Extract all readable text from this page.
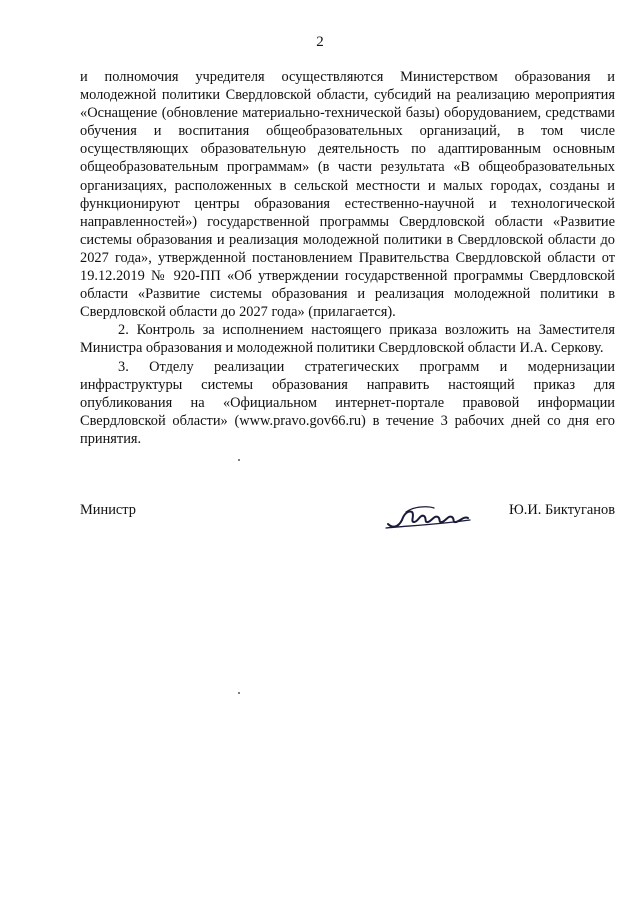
2

и полномочия учредителя осуществляются Министерством образования и молодежной политики Свердловской области, субсидий на реализацию мероприятия «Оснащение (обновление материально-технической базы) оборудованием, средствами обучения и воспитания общеобразовательных организаций, в том числе осуществляющих образовательную деятельность по адаптированным основным общеобразовательным программам» (в части результата «В общеобразовательных организациях, расположенных в сельской местности и малых городах, созданы и функционируют центры образования естественно-научной и технологической направленностей») государственной программы Свердловской области «Развитие системы образования и реализация молодежной политики в Свердловской области до 2027 года», утвержденной постановлением Правительства Свердловской области от 19.12.2019 № 920-ПП «Об утверждении государственной программы Свердловской области «Развитие системы образования и реализация молодежной политики в Свердловской области до 2027 года» (прилагается).

2. Контроль за исполнением настоящего приказа возложить на Заместителя Министра образования и молодежной политики Свердловской области И.А. Серкову.

3. Отделу реализации стратегических программ и модернизации инфраструктуры системы образования направить настоящий приказ для опубликования на «Официальном интернет-портале правовой информации Свердловской области» (www.pravo.gov66.ru) в течение 3 рабочих дней со дня его принятия.

Министр	Ю.И. Биктуганов
